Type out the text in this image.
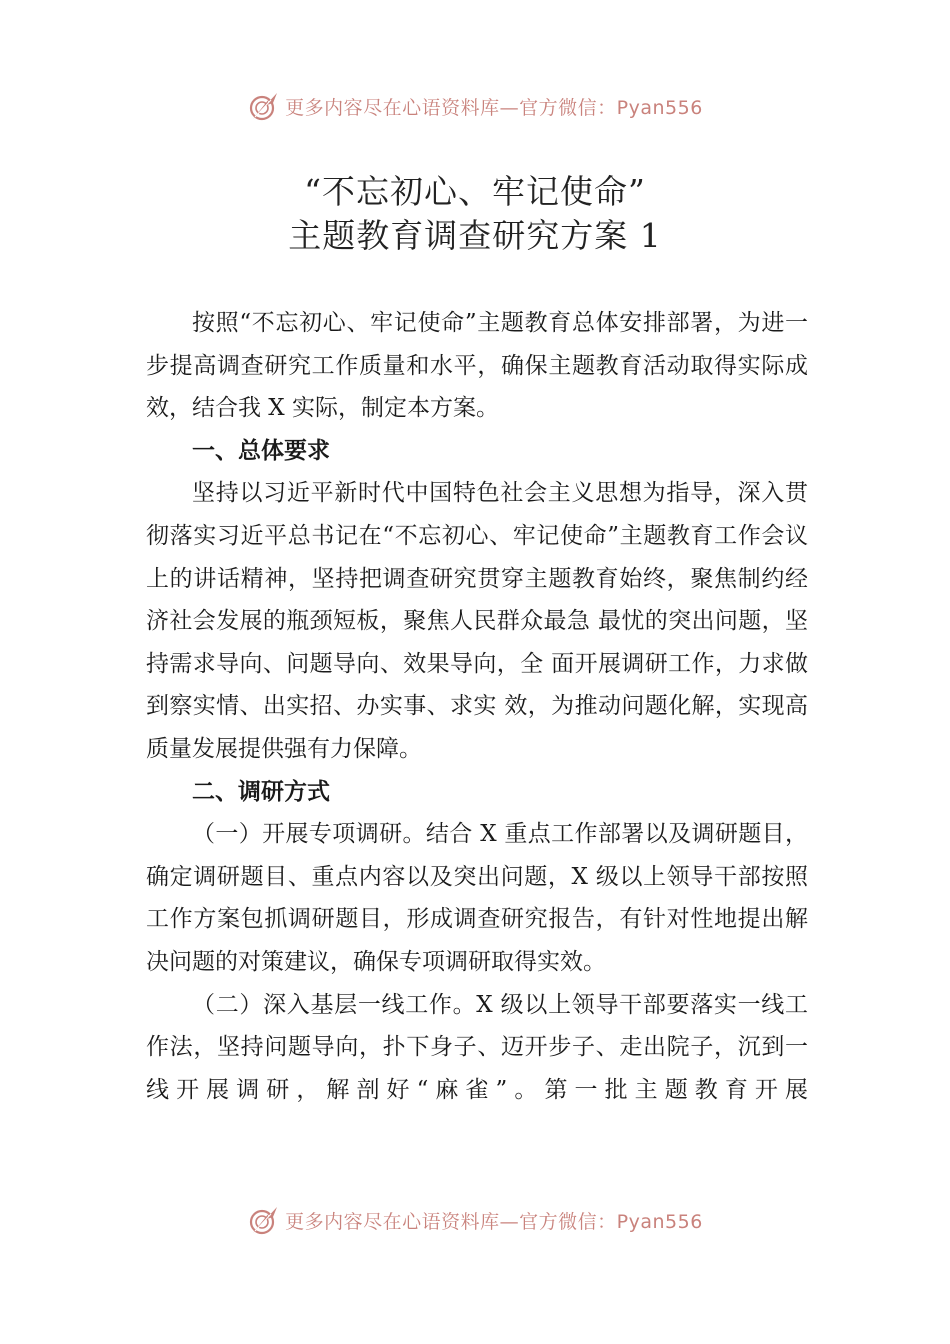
更多内容尽在心语资料库—官方微信：Pyan556
“不忘初心、牢记使命”
主题教育调查研究方案 1

按照“不忘初心、牢记使命”主题教育总体安排部署，为进一步提高调查研究工作质量和水平，确保主题教育活动取得实际成效，结合我 X 实际，制定本方案。

一、总体要求

坚持以习近平新时代中国特色社会主义思想为指导，深入贯彻落实习近平总书记在“不忘初心、牢记使命”主题教育工作会议上的讲话精神，坚持把调查研究贯穿主题教育始终，聚焦制约经济社会发展的瓶颈短板，聚焦人民群众最急 最忧的突出问题，坚持需求导向、问题导向、效果导向，全 面开展调研工作，力求做到察实情、出实招、办实事、求实 效，为推动问题化解，实现高质量发展提供强有力保障。

二、调研方式

（一）开展专项调研。结合 X 重点工作部署以及调研题目，确定调研题目、重点内容以及突出问题，X 级以上领导干部按照工作方案包抓调研题目，形成调查研究报告，有针对性地提出解决问题的对策建议，确保专项调研取得实效。

（二）深入基层一线工作。X 级以上领导干部要落实一线工作法，坚持问题导向，扑下身子、迈开步子、走出院子，沉到一线开展调研，解剖好“麻雀”。第一批主题教育开展

更多内容尽在心语资料库—官方微信：Pyan556
